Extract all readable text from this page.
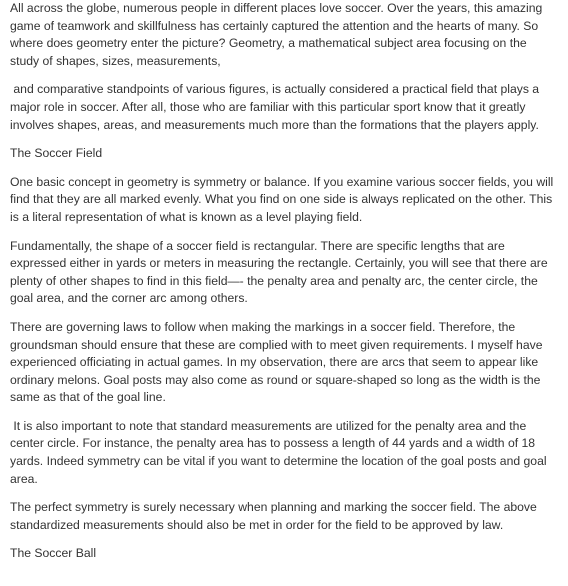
All across the globe, numerous people in different places love soccer. Over the years, this amazing game of teamwork and skillfulness has certainly captured the attention and the hearts of many. So where does geometry enter the picture? Geometry, a mathematical subject area focusing on the study of shapes, sizes, measurements,

and comparative standpoints of various figures, is actually considered a practical field that plays a major role in soccer. After all, those who are familiar with this particular sport know that it greatly involves shapes, areas, and measurements much more than the formations that the players apply.

The Soccer Field

One basic concept in geometry is symmetry or balance. If you examine various soccer fields, you will find that they are all marked evenly. What you find on one side is always replicated on the other. This is a literal representation of what is known as a level playing field.

Fundamentally, the shape of a soccer field is rectangular. There are specific lengths that are expressed either in yards or meters in measuring the rectangle. Certainly, you will see that there are plenty of other shapes to find in this field—- the penalty area and penalty arc, the center circle, the goal area, and the corner arc among others.

There are governing laws to follow when making the markings in a soccer field. Therefore, the groundsman should ensure that these are complied with to meet given requirements. I myself have experienced officiating in actual games. In my observation, there are arcs that seem to appear like ordinary melons. Goal posts may also come as round or square-shaped so long as the width is the same as that of the goal line.

It is also important to note that standard measurements are utilized for the penalty area and the center circle. For instance, the penalty area has to possess a length of 44 yards and a width of 18 yards. Indeed symmetry can be vital if you want to determine the location of the goal posts and goal area.

The perfect symmetry is surely necessary when planning and marking the soccer field. The above standardized measurements should also be met in order for the field to be approved by law.

The Soccer Ball
